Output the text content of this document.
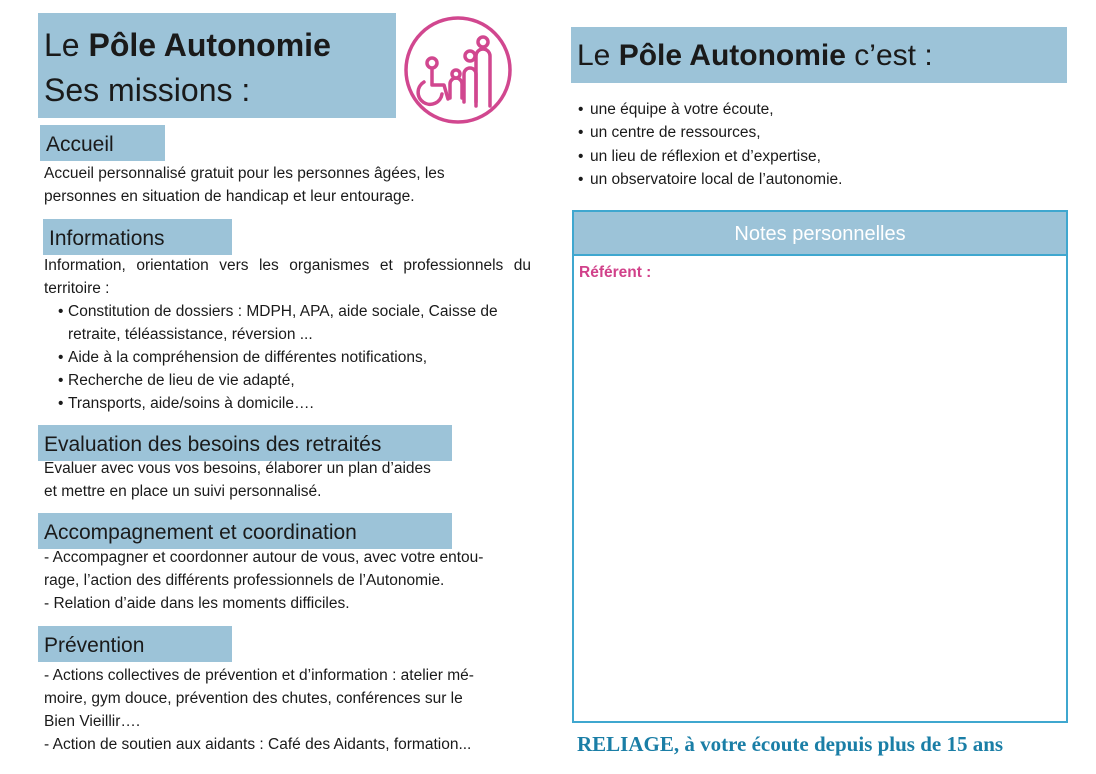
Le Pôle Autonomie
Ses missions :
Accueil
Accueil personnalisé gratuit pour les personnes âgées, les
personnes en situation de handicap et leur entourage.
Informations
Information, orientation vers les organismes et professionnels du territoire :
• Constitution de dossiers : MDPH, APA, aide sociale, Caisse de retraite, téléassistance, réversion ...
• Aide à la compréhension de différentes notifications,
• Recherche de lieu de vie adapté,
• Transports, aide/soins à domicile….
Evaluation des besoins des retraités
Evaluer avec vous vos besoins, élaborer un plan d’aides
et mettre en place un suivi personnalisé.
Accompagnement et coordination
- Accompagner et coordonner autour de vous, avec votre entou-
rage, l’action des différents professionnels de l’Autonomie.
- Relation d’aide dans les moments difficiles.
Prévention
- Actions collectives de prévention et d’information : atelier mé-
moire, gym douce, prévention des chutes, conférences sur le
Bien Vieillir….
- Action de soutien aux aidants : Café des Aidants, formation...
Le Pôle Autonomie c’est :
• une équipe à votre écoute,
• un centre de ressources,
• un lieu de réflexion et d’expertise,
• un observatoire local de l’autonomie.
Notes personnelles
Référent :
RELIAGE, à votre écoute depuis plus de 15 ans
